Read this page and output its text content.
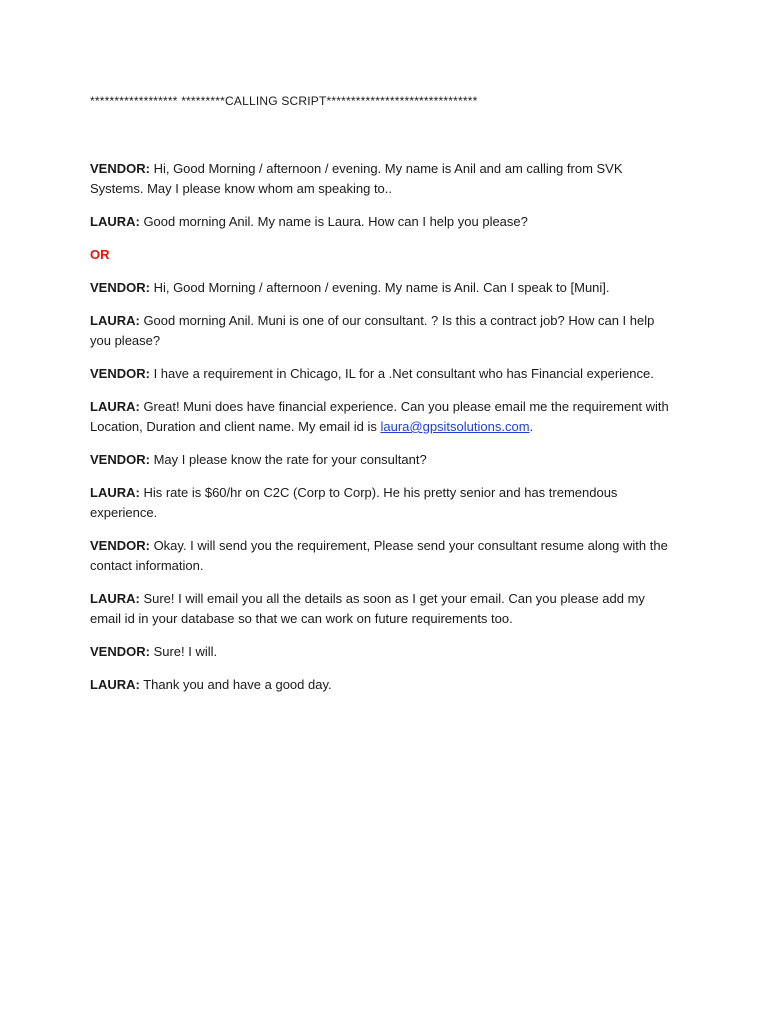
****************** *********CALLING SCRIPT*******************************

VENDOR: Hi, Good Morning / afternoon / evening. My name is Anil and am calling from SVK Systems. May I please know whom am speaking to..

LAURA: Good morning Anil. My name is Laura. How can I help you please?

OR

VENDOR: Hi, Good Morning / afternoon / evening. My name is Anil. Can I speak to [Muni].

LAURA: Good morning Anil. Muni is one of our consultant. ? Is this a contract job? How can I help you please?

VENDOR: I have a requirement in Chicago, IL for a .Net consultant who has Financial experience.

LAURA: Great! Muni does have financial experience. Can you please email me the requirement with Location, Duration and client name. My email id is laura@gpsitsolutions.com.

VENDOR: May I please know the rate for your consultant?

LAURA: His rate is $60/hr on C2C (Corp to Corp). He his pretty senior and has tremendous experience.

VENDOR: Okay. I will send you the requirement, Please send your consultant resume along with the contact information.

LAURA: Sure! I will email you all the details as soon as I get your email. Can you please add my email id in your database so that we can work on future requirements too.

VENDOR: Sure! I will.

LAURA: Thank you and have a good day.
